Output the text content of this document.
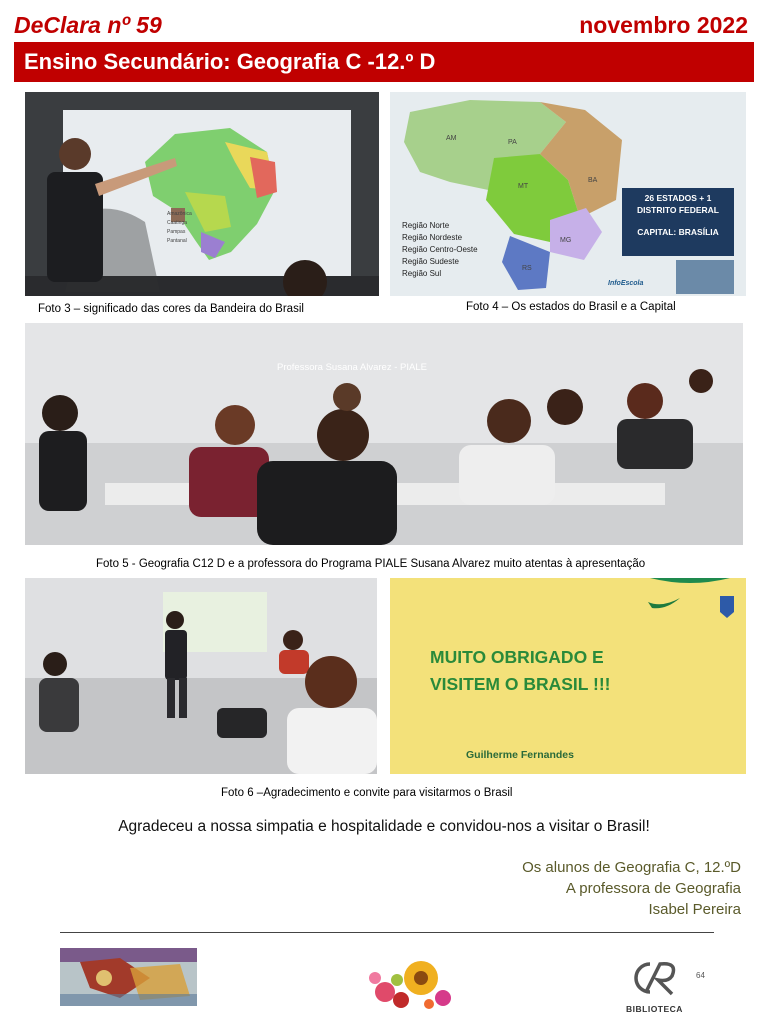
DeClara nº 59	novembro 2022
Ensino Secundário: Geografia C -12.º D
Amazônica
Caatinga
Pampas
Pantanal
Foto 3 – significado das cores da Bandeira do Brasil
AM
PA
MT
BA
MG
RS
Região Norte
Região Nordeste
Região Centro-Oeste
Região Sudeste
Região Sul
26 ESTADOS + 1
DISTRITO FEDERAL
CAPITAL: BRASÍLIA
InfoEscola
Foto 4 – Os estados do Brasil e a Capital
Professora Susana Alvarez - PIALE
Foto 5 - Geografia C12 D e a professora do Programa PIALE Susana Alvarez muito atentas à apresentação
MUITO OBRIGADO E
VISITEM O BRASIL !!!
Guilherme Fernandes
Foto 6 –Agradecimento e convite para visitarmos o Brasil
Agradeceu a nossa simpatia e hospitalidade e convidou-nos a visitar o Brasil!
Os alunos de Geografia C, 12.ºD
A professora de Geografia
Isabel Pereira
BIBLIOTECA
64
